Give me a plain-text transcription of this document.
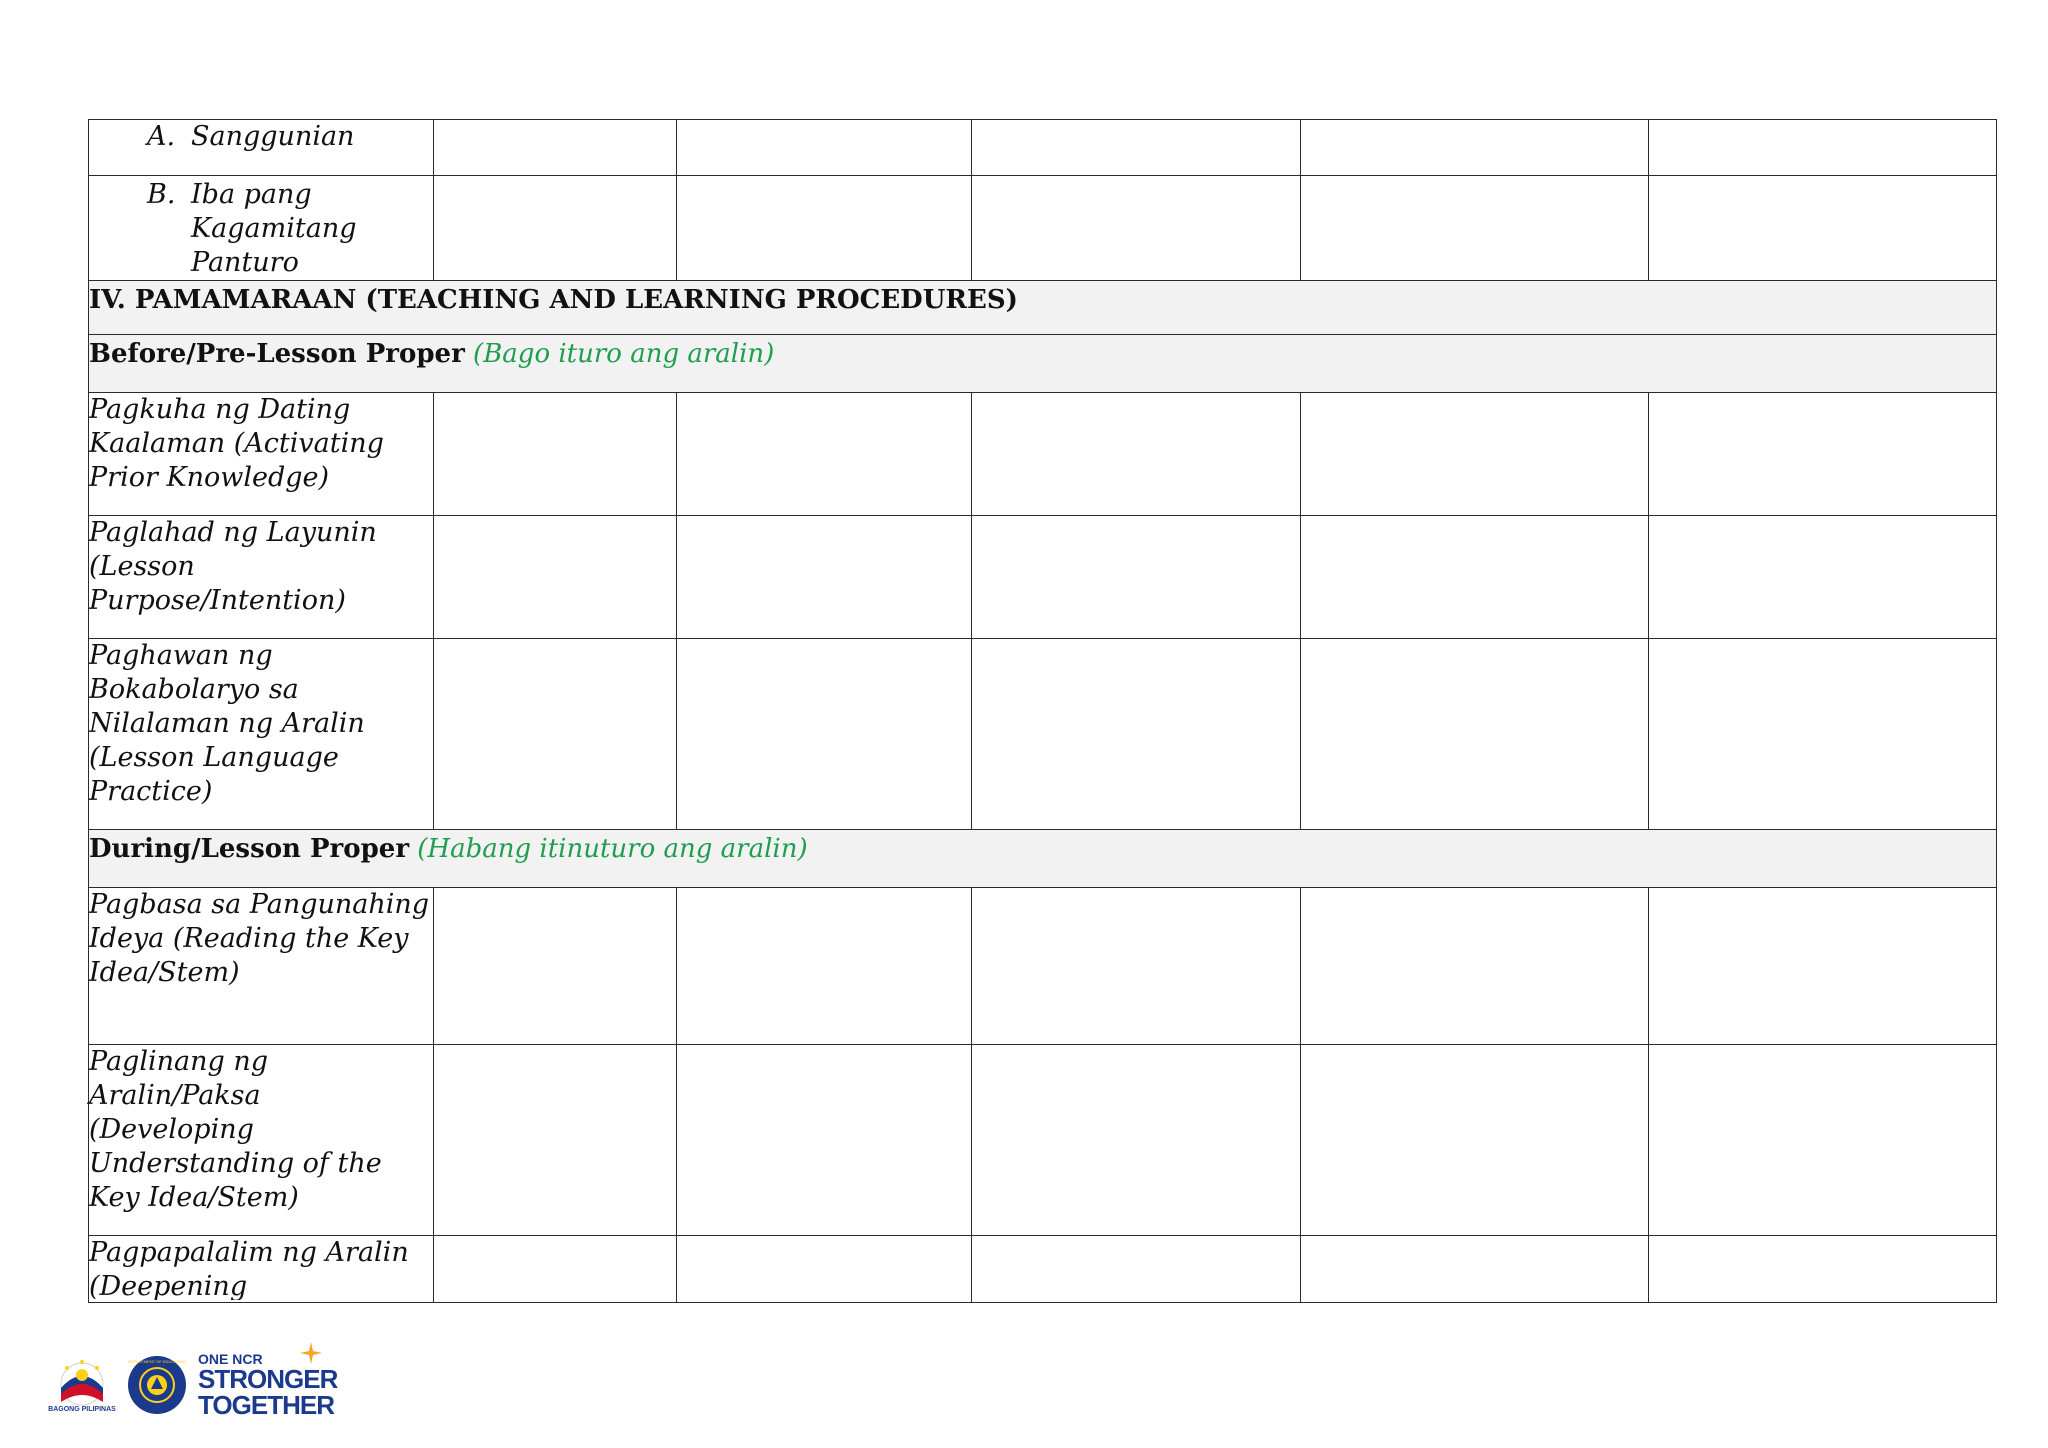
A. Sanggunian					

B. Iba pang Kagamitang Panturo					

IV. PAMAMARAAN (TEACHING AND LEARNING PROCEDURES)					
Before/Pre-Lesson Proper (Bago ituro ang aralin)					
Pagkuha ng Dating Kaalaman (Activating Prior Knowledge)					
Paglahad ng Layunin (Lesson Purpose/Intention)					
Paghawan ng Bokabolaryo sa Nilalaman ng Aralin (Lesson Language Practice)					
During/Lesson Proper (Habang itinuturo ang aralin)					
Pagbasa sa Pangunahing Ideya (Reading the Key Idea/Stem)					
Paglinang ng Aralin/Paksa (Developing Understanding of the Key Idea/Stem)					

Pagpapalalim ng Aralin (Deepening					

BAGONG PILIPINAS
DEPARTMENT OF EDUCATION ONE NCR
STRONGER
TOGETHER
